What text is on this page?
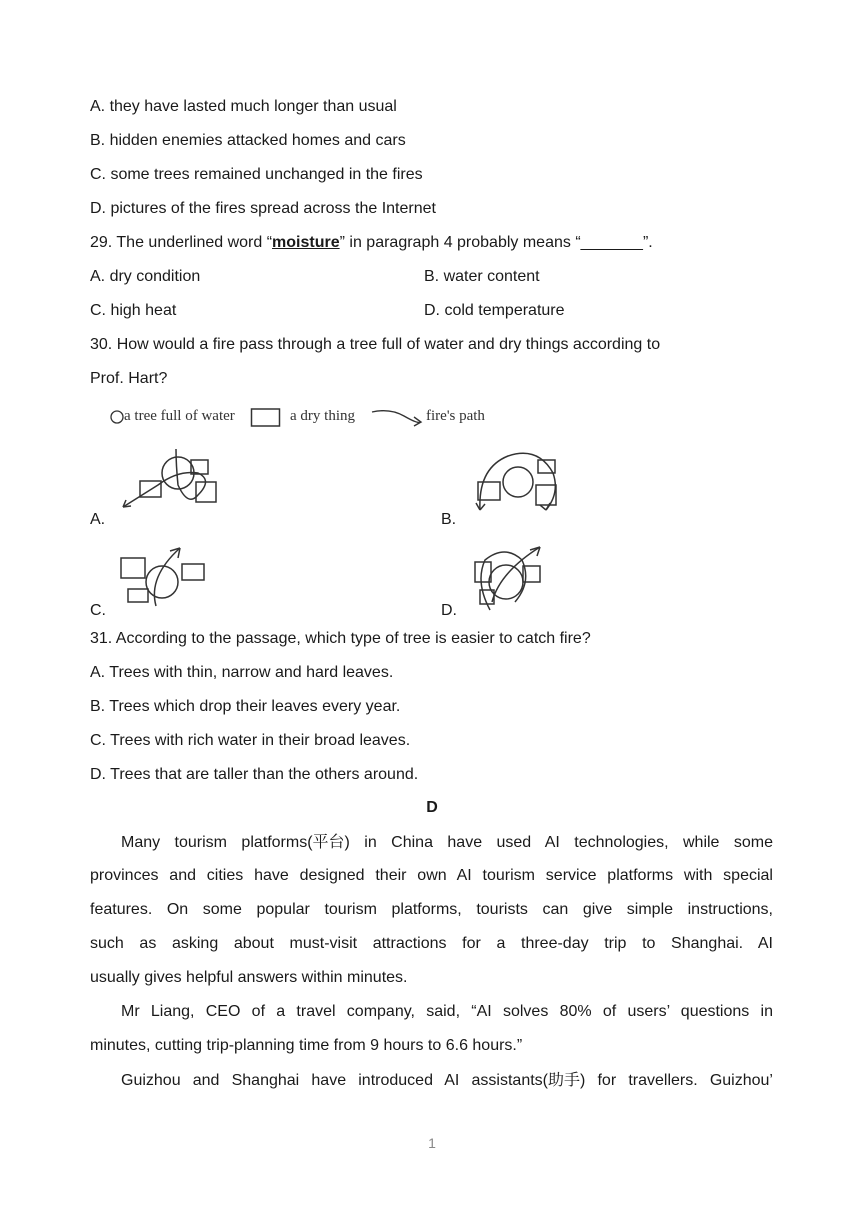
A. they have lasted much longer than usual
B. hidden enemies attacked homes and cars
C. some trees remained unchanged in the fires
D. pictures of the fires spread across the Internet
29. The underlined word “moisture” in paragraph 4 probably means “_______”.
A. dry condition	B. water content
C. high heat	D. cold temperature
30. How would a fire pass through a tree full of water and dry things according to
Prof. Hart?
a tree full of water	a dry thing	fire's path
A.	B.
C.	D.
31. According to the passage, which type of tree is easier to catch fire?
A. Trees with thin, narrow and hard leaves.
B. Trees which drop their leaves every year.
C. Trees with rich water in their broad leaves.
D. Trees that are taller than the others around.
D
Many tourism platforms(平台) in China have used AI technologies, while some
provinces and cities have designed their own AI tourism service platforms with special
features. On some popular tourism platforms, tourists can give simple instructions,
such as asking about must-visit attractions for a three-day trip to Shanghai. AI
usually gives helpful answers within minutes.
Mr Liang, CEO of a travel company, said, “AI solves 80% of users’ questions in
minutes, cutting trip-planning time from 9 hours to 6.6 hours.”
Guizhou and Shanghai have introduced AI assistants(助手) for travellers. Guizhou’
1
